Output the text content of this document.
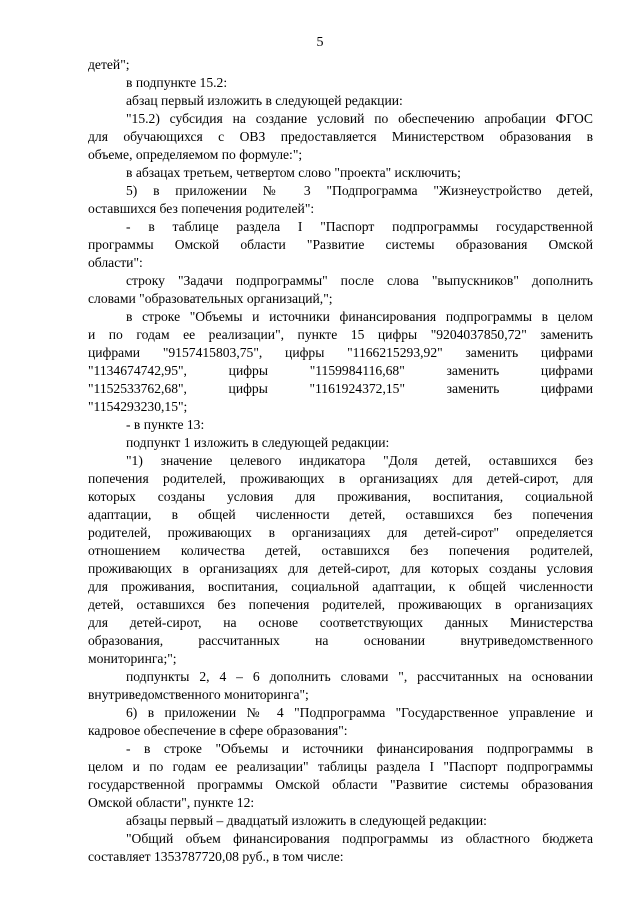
5
детей";
в подпункте 15.2:
абзац первый изложить в следующей редакции:
"15.2) субсидия на создание условий по обеспечению апробации ФГОС
для обучающихся с ОВЗ предоставляется Министерством образования в
объеме, определяемом по формуле:";
в абзацах третьем, четвертом слово "проекта" исключить;
5) в приложении № 3 "Подпрограмма "Жизнеустройство детей,
оставшихся без попечения родителей":
- в таблице раздела I "Паспорт подпрограммы государственной
программы Омской области "Развитие системы образования Омской
области":
строку "Задачи подпрограммы" после слова "выпускников" дополнить
словами "образовательных организаций,";
в строке "Объемы и источники финансирования подпрограммы в целом
и по годам ее реализации", пункте 15 цифры "9204037850,72" заменить
цифрами "9157415803,75", цифры "1166215293,92" заменить цифрами
"1134674742,95", цифры "1159984116,68" заменить цифрами
"1152533762,68", цифры "1161924372,15" заменить цифрами
"1154293230,15";
- в пункте 13:
подпункт 1 изложить в следующей редакции:
"1) значение целевого индикатора "Доля детей, оставшихся без
попечения родителей, проживающих в организациях для детей-сирот, для
которых созданы условия для проживания, воспитания, социальной
адаптации, в общей численности детей, оставшихся без попечения
родителей, проживающих в организациях для детей-сирот" определяется
отношением количества детей, оставшихся без попечения родителей,
проживающих в организациях для детей-сирот, для которых созданы условия
для проживания, воспитания, социальной адаптации, к общей численности
детей, оставшихся без попечения родителей, проживающих в организациях
для детей-сирот, на основе соответствующих данных Министерства
образования, рассчитанных на основании внутриведомственного
мониторинга;";
подпункты 2, 4 – 6 дополнить словами ", рассчитанных на основании
внутриведомственного мониторинга";
6) в приложении № 4 "Подпрограмма "Государственное управление и
кадровое обеспечение в сфере образования":
- в строке "Объемы и источники финансирования подпрограммы в
целом и по годам ее реализации" таблицы раздела I "Паспорт подпрограммы
государственной программы Омской области "Развитие системы образования
Омской области", пункте 12:
абзацы первый – двадцатый изложить в следующей редакции:
"Общий объем финансирования подпрограммы из областного бюджета
составляет 1353787720,08 руб., в том числе:
